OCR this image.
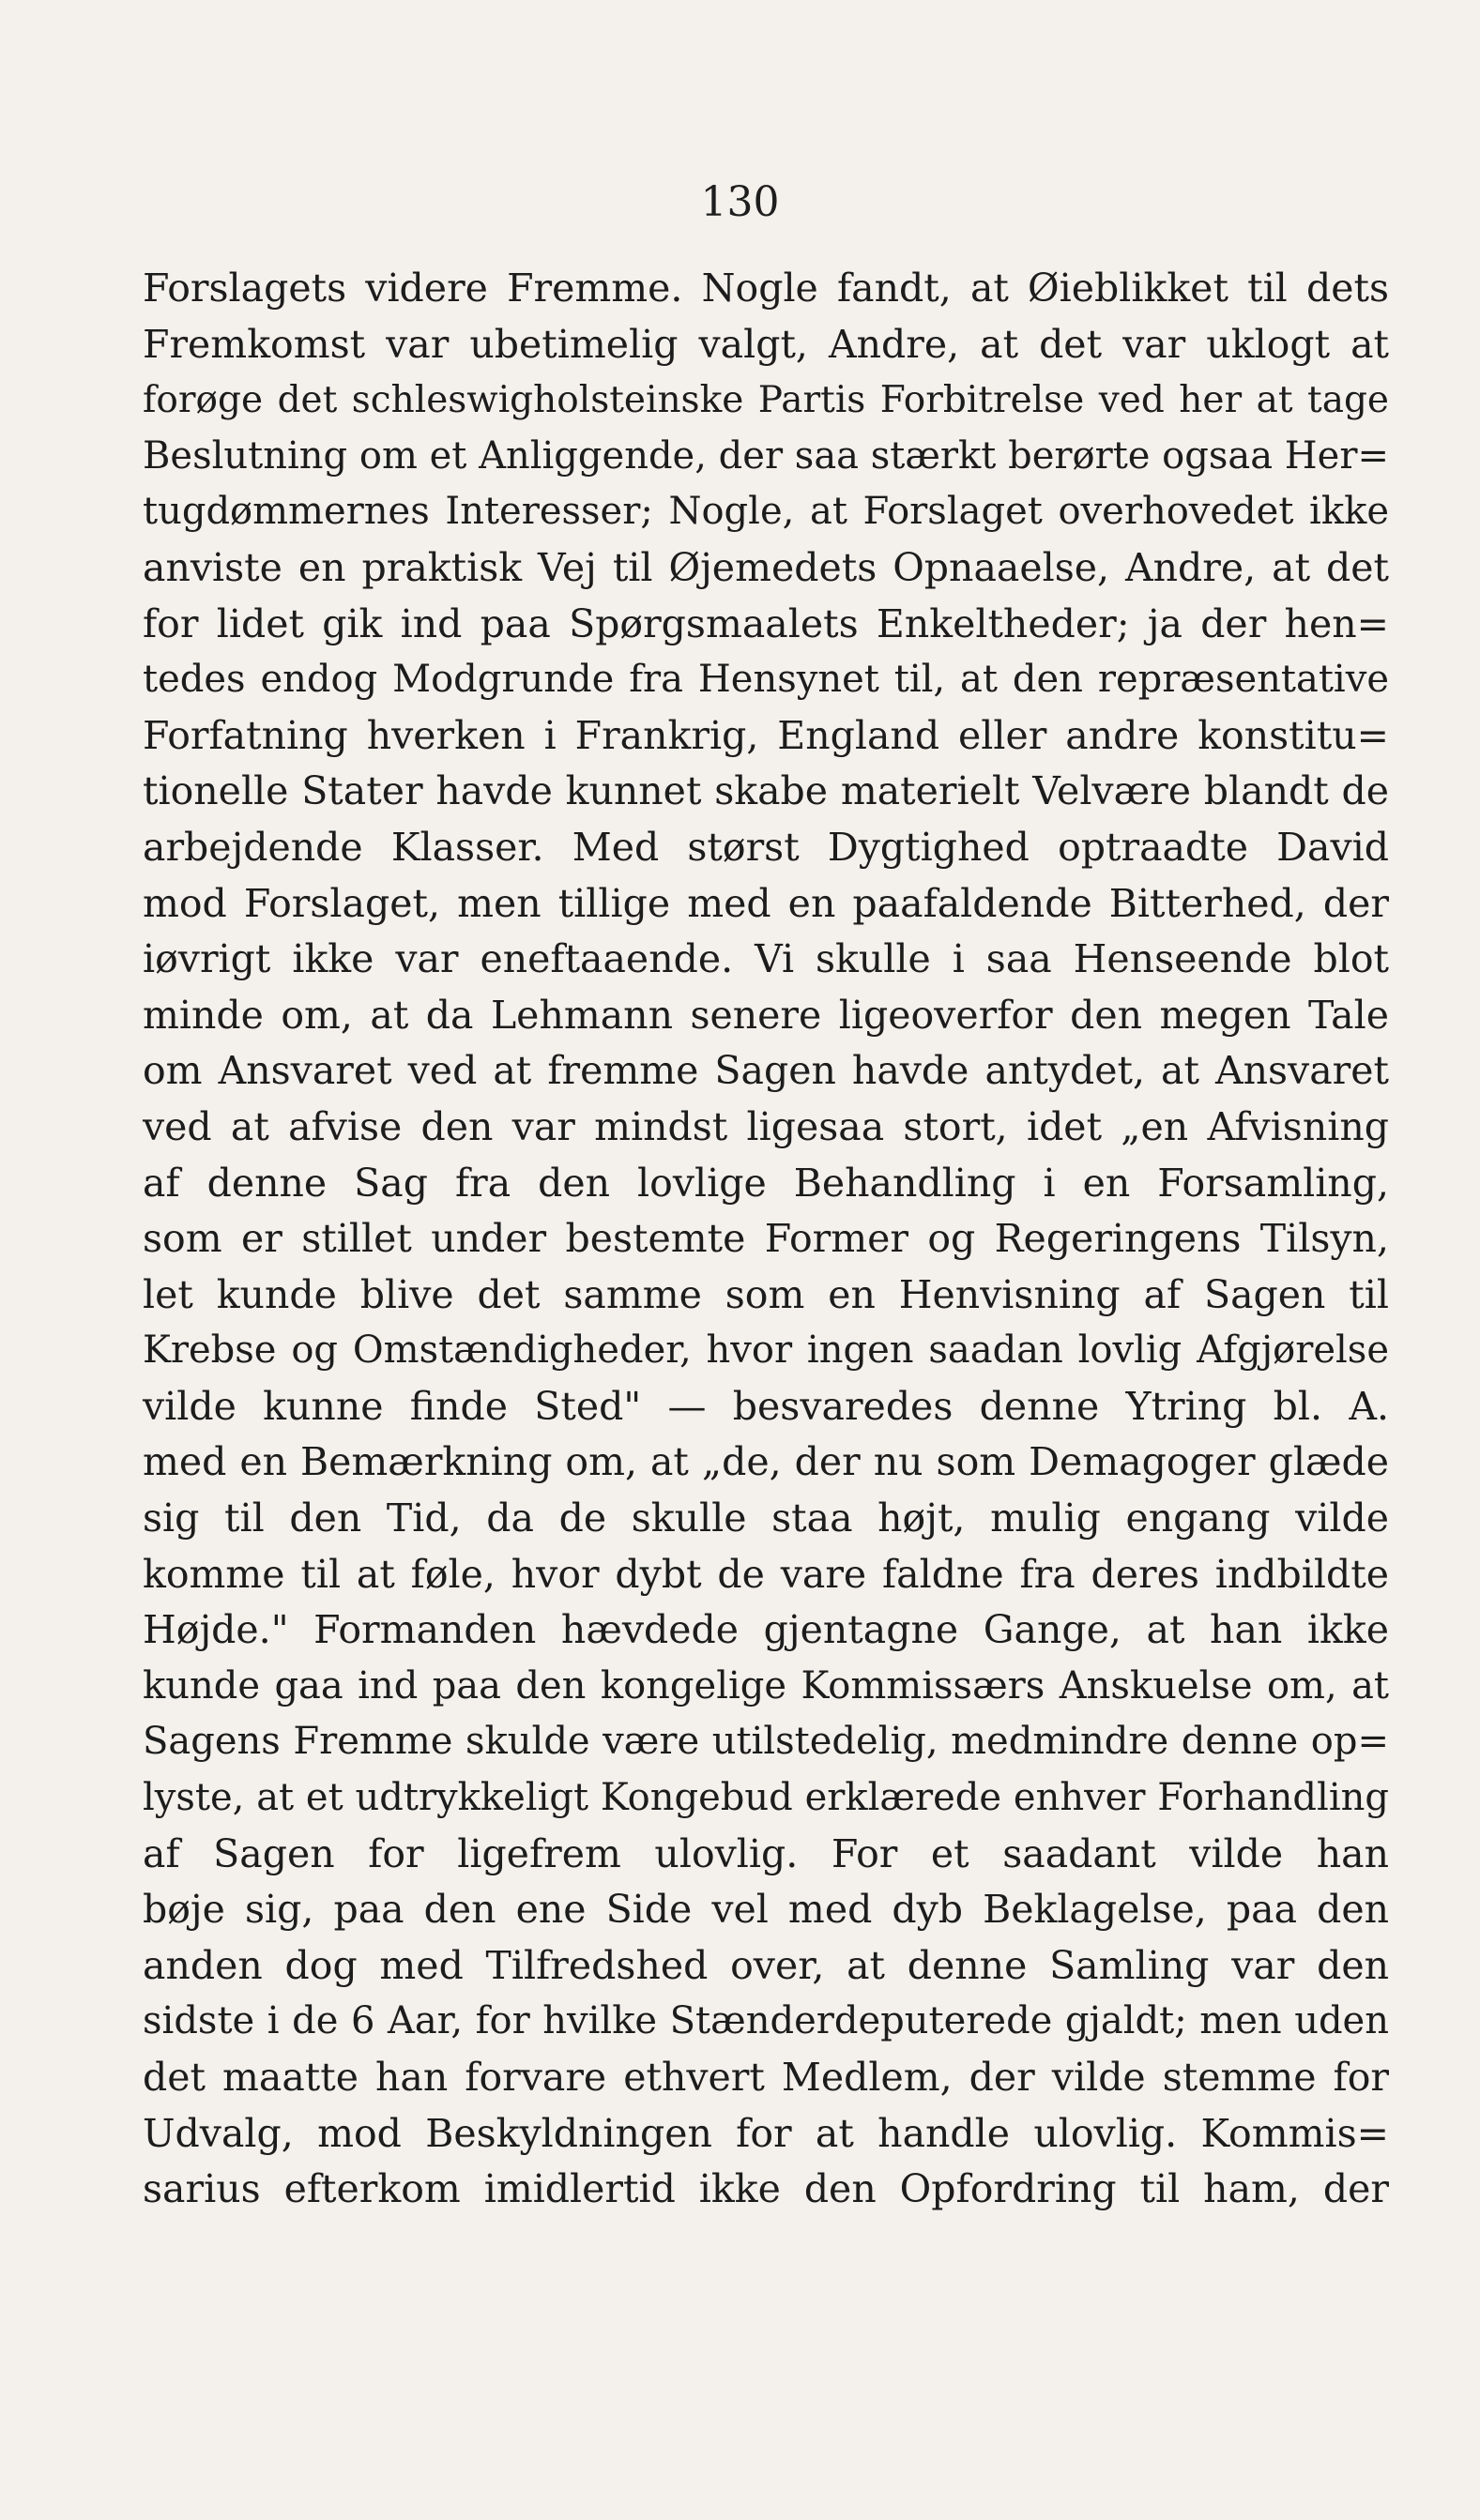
130
Forslagets videre Fremme. Nogle fandt, at Øieblikket til dets
Fremkomst var ubetimelig valgt, Andre, at det var uklogt at
forøge det schleswigholsteinske Partis Forbitrelse ved her at tage
Beslutning om et Anliggende, der saa stærkt berørte ogsaa Her=
tugdømmernes Interesser; Nogle, at Forslaget overhovedet ikke
anviste en praktisk Vej til Øjemedets Opnaaelse, Andre, at det
for lidet gik ind paa Spørgsmaalets Enkeltheder; ja der hen=
tedes endog Modgrunde fra Hensynet til, at den repræsentative
Forfatning hverken i Frankrig, England eller andre konstitu=
tionelle Stater havde kunnet skabe materielt Velvære blandt de
arbejdende Klasser. Med størst Dygtighed optraadte David
mod Forslaget, men tillige med en paafaldende Bitterhed, der
iøvrigt ikke var eneftaaende. Vi skulle i saa Henseende blot
minde om, at da Lehmann senere ligeoverfor den megen Tale
om Ansvaret ved at fremme Sagen havde antydet, at Ansvaret
ved at afvise den var mindst ligesaa stort, idet „en Afvisning
af denne Sag fra den lovlige Behandling i en Forsamling,
som er stillet under bestemte Former og Regeringens Tilsyn,
let kunde blive det samme som en Henvisning af Sagen til
Krebse og Omstændigheder, hvor ingen saadan lovlig Afgjørelse
vilde kunne finde Sted" — besvaredes denne Ytring bl. A.
med en Bemærkning om, at „de, der nu som Demagoger glæde
sig til den Tid, da de skulle staa højt, mulig engang vilde
komme til at føle, hvor dybt de vare faldne fra deres indbildte
Højde." Formanden hævdede gjentagne Gange, at han ikke
kunde gaa ind paa den kongelige Kommissærs Anskuelse om, at
Sagens Fremme skulde være utilstedelig, medmindre denne op=
lyste, at et udtrykkeligt Kongebud erklærede enhver Forhandling
af Sagen for ligefrem ulovlig. For et saadant vilde han
bøje sig, paa den ene Side vel med dyb Beklagelse, paa den
anden dog med Tilfredshed over, at denne Samling var den
sidste i de 6 Aar, for hvilke Stænderdeputerede gjaldt; men uden
det maatte han forvare ethvert Medlem, der vilde stemme for
Udvalg, mod Beskyldningen for at handle ulovlig. Kommis=
sarius efterkom imidlertid ikke den Opfordring til ham, der
